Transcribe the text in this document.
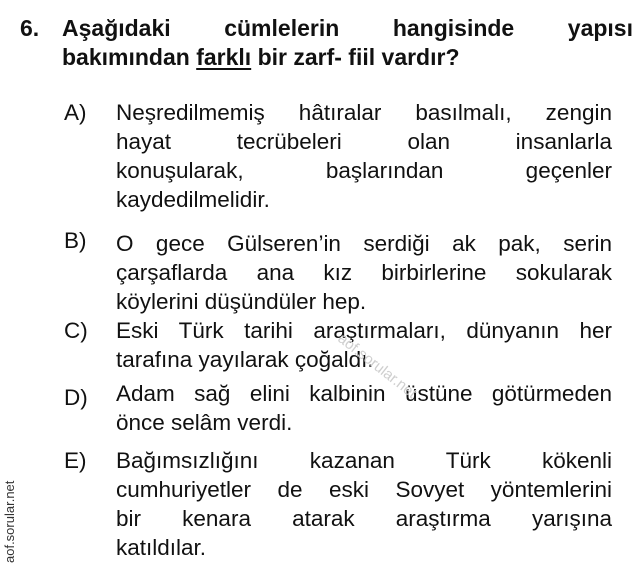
6. Aşağıdaki cümlelerin hangisinde yapısı
bakımından farklı bir zarf- fiil vardır?
A) Neşredilmemiş hâtıralar basılmalı, zengin
hayat tecrübeleri olan insanlarla
konuşularak, başlarından geçenler
kaydedilmelidir.
B) O gece Gülseren’in serdiği ak pak, serin
çarşaflarda ana kız birbirlerine sokularak
köylerini düşündüler hep.
C) Eski Türk tarihi araştırmaları, dünyanın her
tarafına yayılarak çoğaldı.
D) Adam sağ elini kalbinin üstüne götürmeden
önce selâm verdi.
E) Bağımsızlığını kazanan Türk kökenli
cumhuriyetler de eski Sovyet yöntemlerini
bir kenara atarak araştırma yarışına
katıldılar.
aof.sorular.net
aof.sorular.net
